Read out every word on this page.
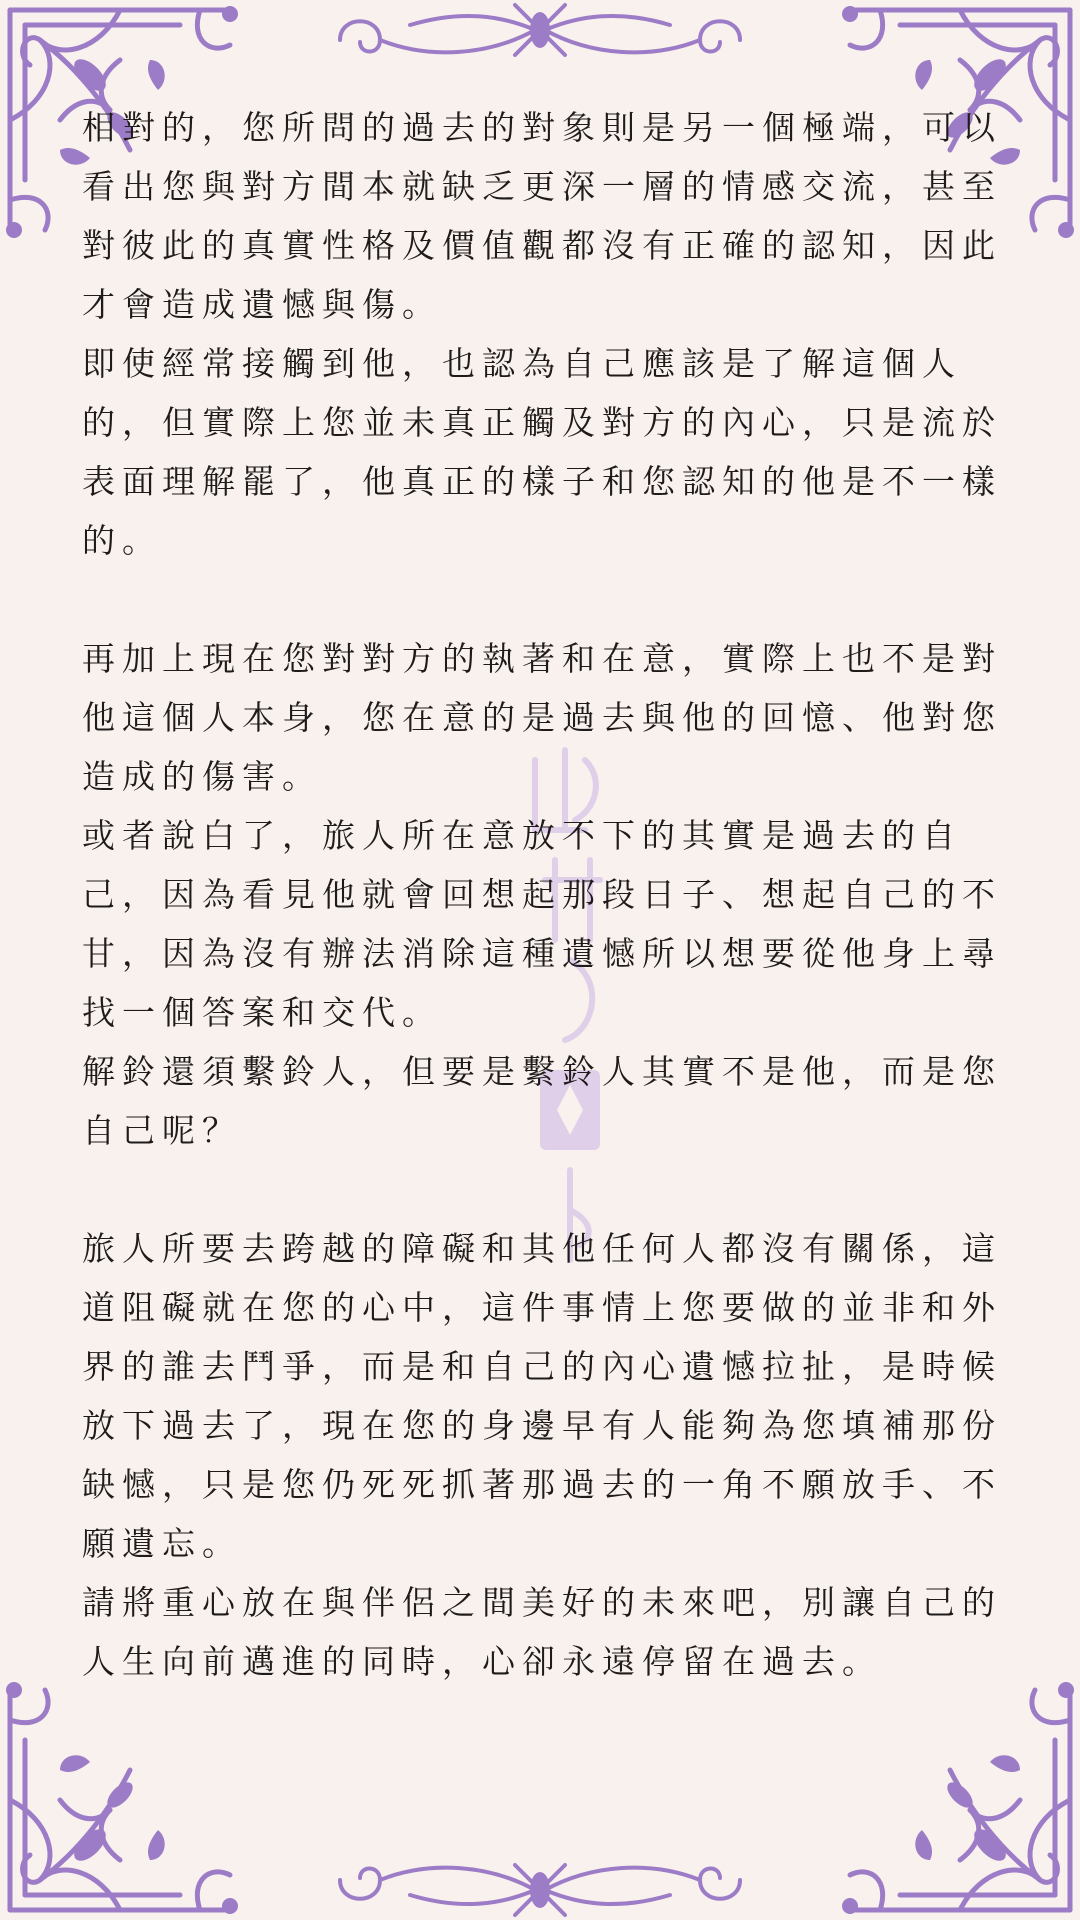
相對的，您所問的過去的對象則是另一個極端，可以看出您與對方間本就缺乏更深一層的情感交流，甚至對彼此的真實性格及價值觀都沒有正確的認知，因此才會造成遺憾與傷。

即使經常接觸到他，也認為自己應該是了解這個人的，但實際上您並未真正觸及對方的內心，只是流於表面理解罷了，他真正的樣子和您認知的他是不一樣的。

再加上現在您對對方的執著和在意，實際上也不是對他這個人本身，您在意的是過去與他的回憶、他對您造成的傷害。

或者說白了，旅人所在意放不下的其實是過去的自己，因為看見他就會回想起那段日子、想起自己的不甘，因為沒有辦法消除這種遺憾所以想要從他身上尋找一個答案和交代。

解鈴還須繫鈴人，但要是繫鈴人其實不是他，而是您自己呢？

旅人所要去跨越的障礙和其他任何人都沒有關係，這道阻礙就在您的心中，這件事情上您要做的並非和外界的誰去鬥爭，而是和自己的內心遺憾拉扯，是時候放下過去了，現在您的身邊早有人能夠為您填補那份缺憾，只是您仍死死抓著那過去的一角不願放手、不願遺忘。

請將重心放在與伴侶之間美好的未來吧，別讓自己的人生向前邁進的同時，心卻永遠停留在過去。
